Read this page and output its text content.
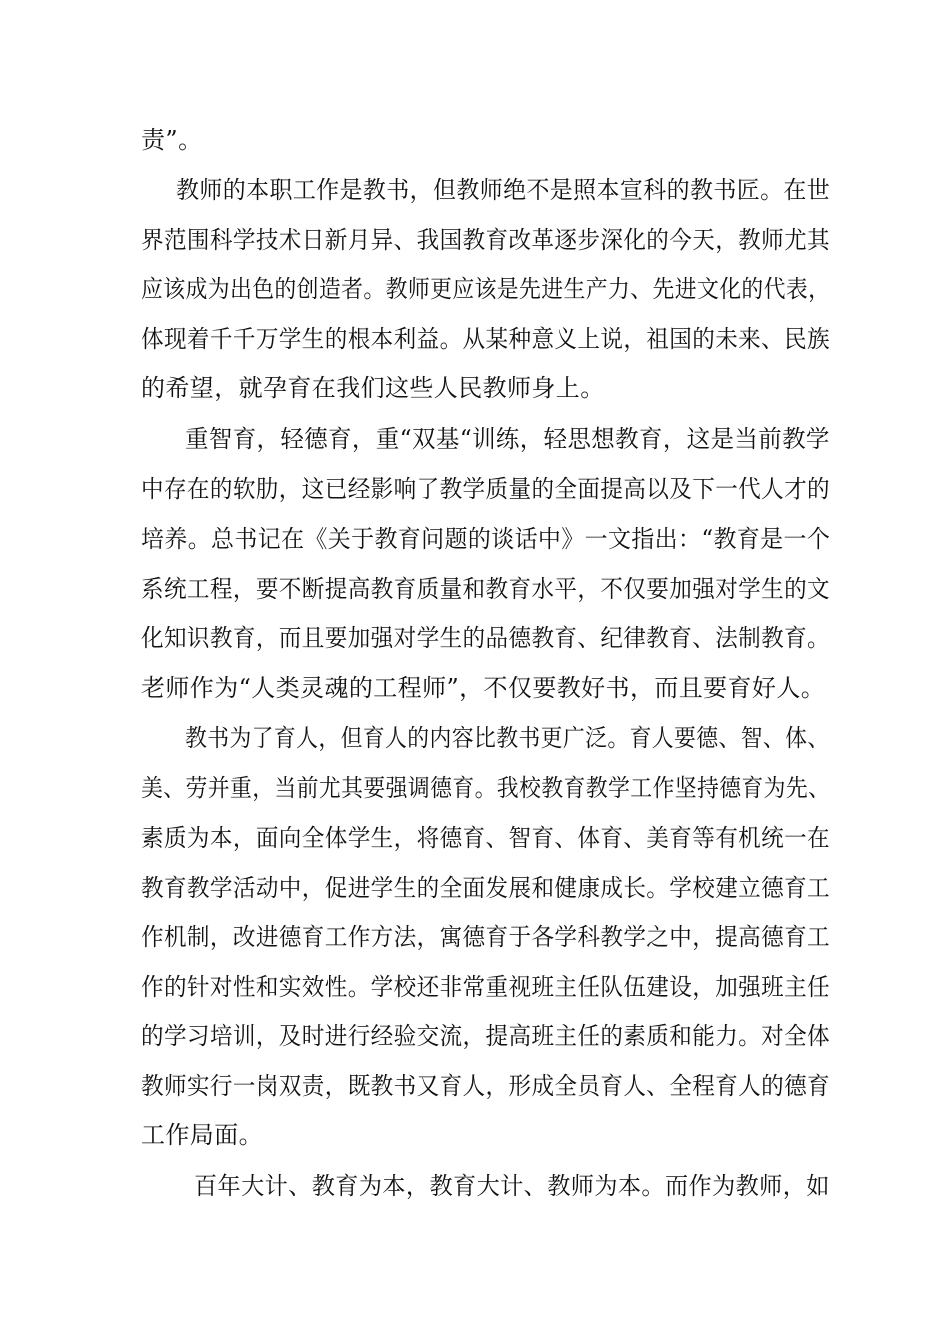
责”。
教师的本职工作是教书，但教师绝不是照本宣科的教书匠。在世
界范围科学技术日新月异、我国教育改革逐步深化的今天，教师尤其
应该成为出色的创造者。教师更应该是先进生产力、先进文化的代表，
体现着千千万学生的根本利益。从某种意义上说，祖国的未来、民族
的希望，就孕育在我们这些人民教师身上。
重智育，轻德育，重“双基“训练，轻思想教育，这是当前教学
中存在的软肋，这已经影响了教学质量的全面提高以及下一代人才的
培养。总书记在《关于教育问题的谈话中》一文指出：“教育是一个
系统工程，要不断提高教育质量和教育水平，不仅要加强对学生的文
化知识教育，而且要加强对学生的品德教育、纪律教育、法制教育。
老师作为“人类灵魂的工程师”，不仅要教好书，而且要育好人。
教书为了育人，但育人的内容比教书更广泛。育人要德、智、体、
美、劳并重，当前尤其要强调德育。我校教育教学工作坚持德育为先、
素质为本，面向全体学生，将德育、智育、体育、美育等有机统一在
教育教学活动中，促进学生的全面发展和健康成长。学校建立德育工
作机制，改进德育工作方法，寓德育于各学科教学之中，提高德育工
作的针对性和实效性。学校还非常重视班主任队伍建设，加强班主任
的学习培训，及时进行经验交流，提高班主任的素质和能力。对全体
教师实行一岗双责，既教书又育人，形成全员育人、全程育人的德育
工作局面。
百年大计、教育为本，教育大计、教师为本。而作为教师，如
